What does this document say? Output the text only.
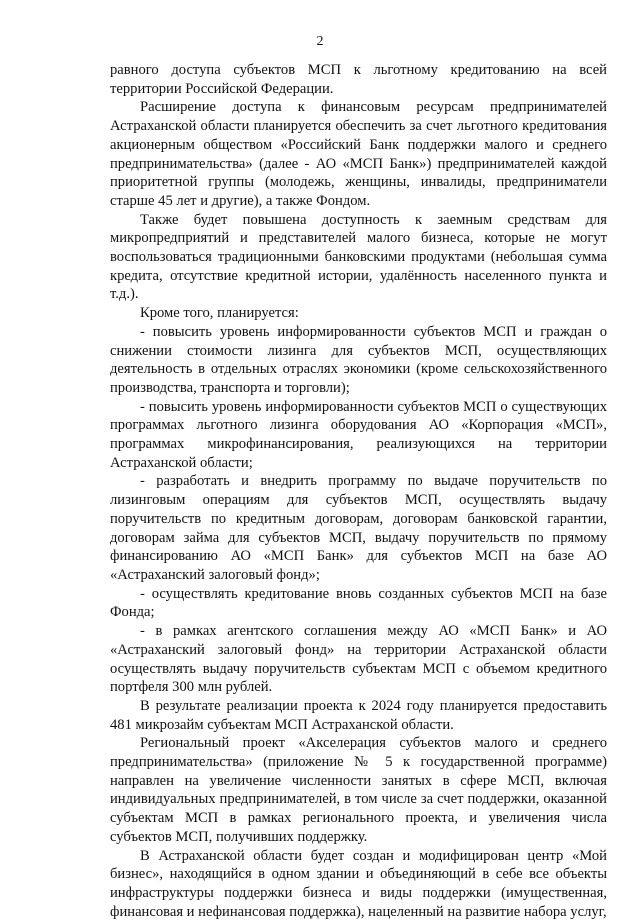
2

равного доступа субъектов МСП к льготному кредитованию на всей территории Российской Федерации.

Расширение доступа к финансовым ресурсам предпринимателей Астраханской области планируется обеспечить за счет льготного кредитования акционерным обществом «Российский Банк поддержки малого и среднего предпринимательства» (далее - АО «МСП Банк») предпринимателей каждой приоритетной группы (молодежь, женщины, инвалиды, предприниматели старше 45 лет и другие), а также Фондом.

Также будет повышена доступность к заемным средствам для микропредприятий и представителей малого бизнеса, которые не могут воспользоваться традиционными банковскими продуктами (небольшая сумма кредита, отсутствие кредитной истории, удалённость населенного пункта и т.д.).

Кроме того, планируется:

- повысить уровень информированности субъектов МСП и граждан о снижении стоимости лизинга для субъектов МСП, осуществляющих деятельность в отдельных отраслях экономики (кроме сельскохозяйственного производства, транспорта и торговли);

- повысить уровень информированности субъектов МСП о существующих программах льготного лизинга оборудования АО «Корпорация «МСП», программах микрофинансирования, реализующихся на территории Астраханской области;

- разработать и внедрить программу по выдаче поручительств по лизинговым операциям для субъектов МСП, осуществлять выдачу поручительств по кредитным договорам, договорам банковской гарантии, договорам займа для субъектов МСП, выдачу поручительств по прямому финансированию АО «МСП Банк» для субъектов МСП на базе АО «Астраханский залоговый фонд»;

- осуществлять кредитование вновь созданных субъектов МСП на базе Фонда;

- в рамках агентского соглашения между АО «МСП Банк» и АО «Астраханский залоговый фонд» на территории Астраханской области осуществлять выдачу поручительств субъектам МСП с объемом кредитного портфеля 300 млн рублей.

В результате реализации проекта к 2024 году планируется предоставить 481 микрозайм субъектам МСП Астраханской области.

Региональный проект «Акселерация субъектов малого и среднего предпринимательства» (приложение № 5 к государственной программе) направлен на увеличение численности занятых в сфере МСП, включая индивидуальных предпринимателей, в том числе за счет поддержки, оказанной субъектам МСП в рамках регионального проекта, и увеличения числа субъектов МСП, получивших поддержку.

В Астраханской области будет создан и модифицирован центр «Мой бизнес», находящийся в одном здании и объединяющий в себе все объекты инфраструктуры поддержки бизнеса и виды поддержки (имущественная, финансовая и нефинансовая поддержка), нацеленный на развитие набора услуг,
